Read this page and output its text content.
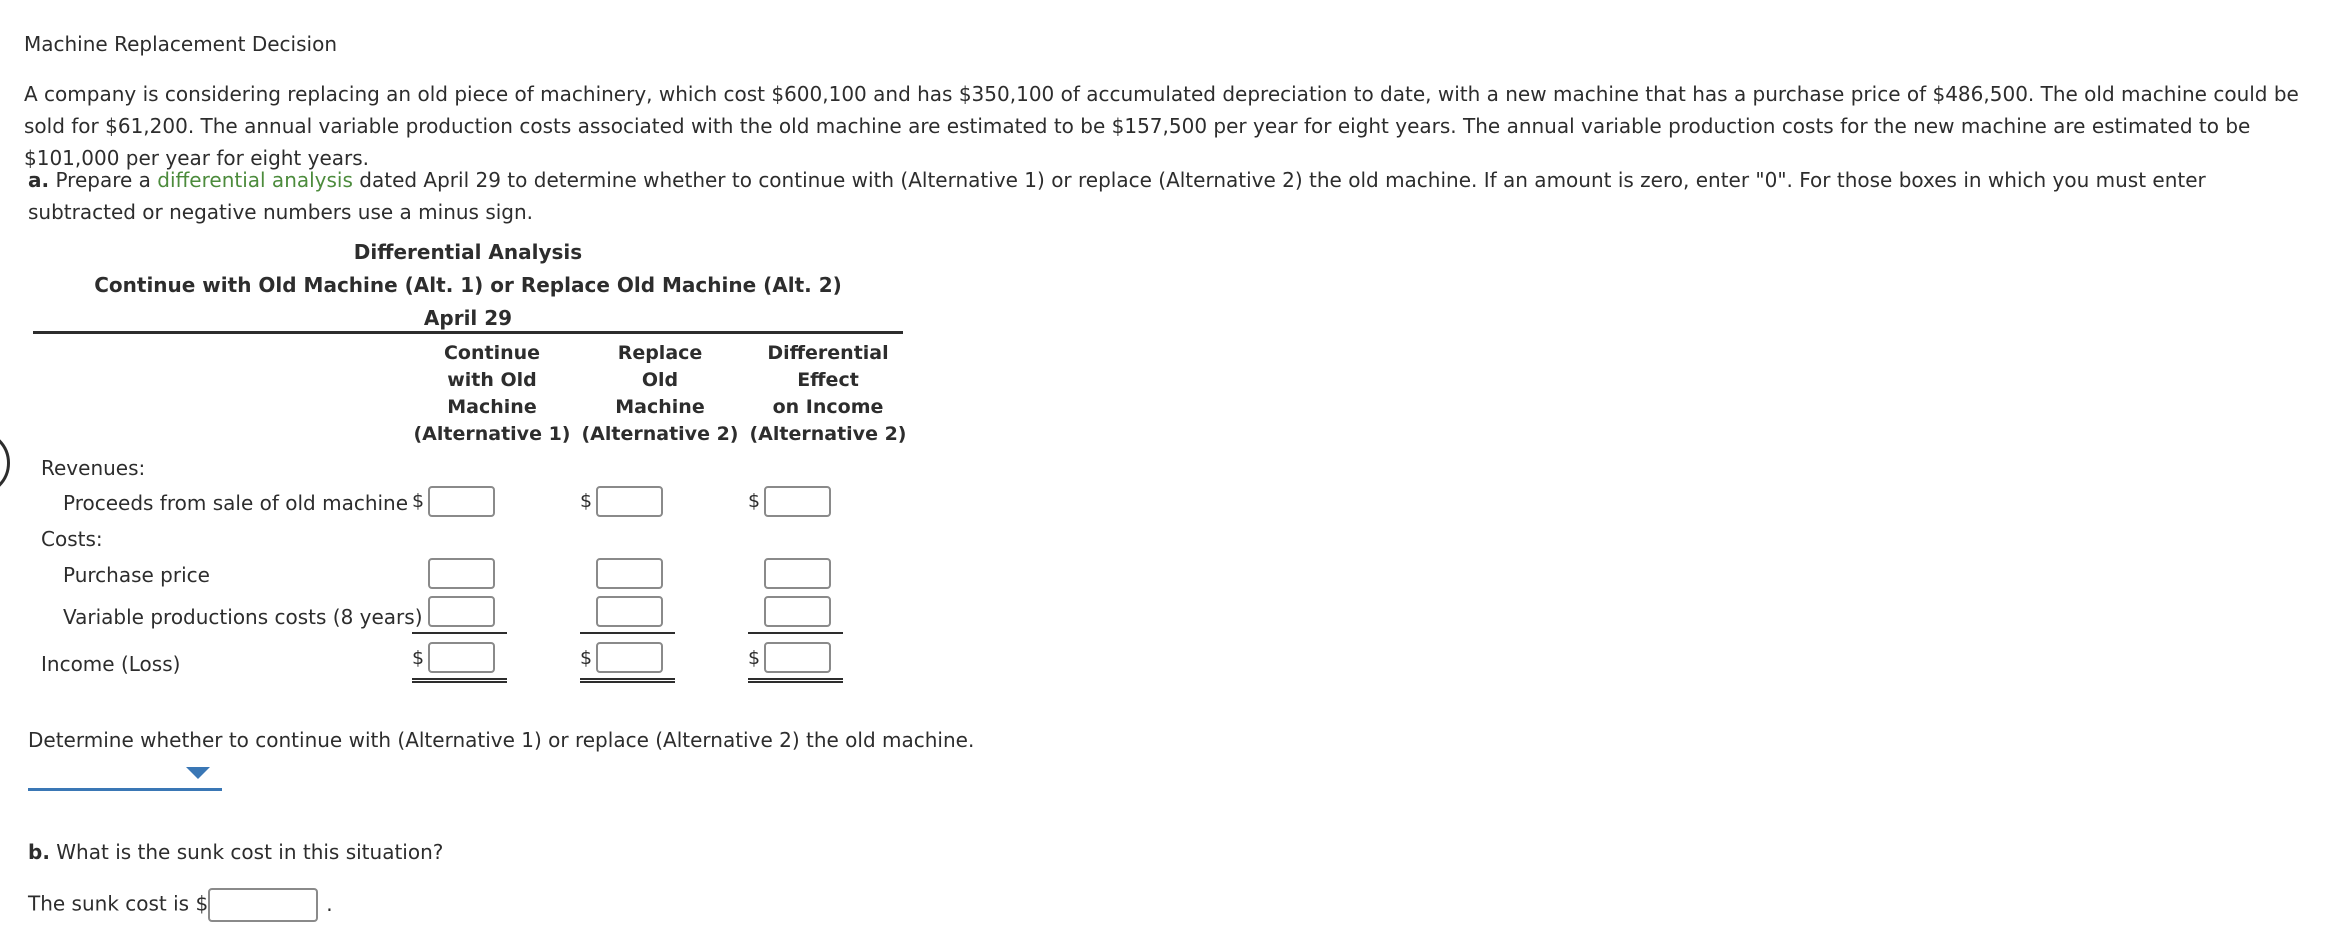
Machine Replacement Decision
A company is considering replacing an old piece of machinery, which cost $600,100 and has $350,100 of accumulated depreciation to date, with a new machine that has a purchase price of $486,500. The old machine could be sold for $61,200. The annual variable production costs associated with the old machine are estimated to be $157,500 per year for eight years. The annual variable production costs for the new machine are estimated to be $101,000 per year for eight years.
a. Prepare a differential analysis dated April 29 to determine whether to continue with (Alternative 1) or replace (Alternative 2) the old machine. If an amount is zero, enter "0". For those boxes in which you must enter subtracted or negative numbers use a minus sign.
Differential Analysis
Continue with Old Machine (Alt. 1) or Replace Old Machine (Alt. 2)
April 29
Continue
with Old
Machine
(Alternative 1)
Replace
Old
Machine
(Alternative 2)
Differential
Effect
on Income
(Alternative 2)
Revenues:
Proceeds from sale of old machine
Costs:
Purchase price
Variable productions costs (8 years)
Income (Loss)
$
$
$
$
$
$
Determine whether to continue with (Alternative 1) or replace (Alternative 2) the old machine.
b. What is the sunk cost in this situation?
The sunk cost is $	.
